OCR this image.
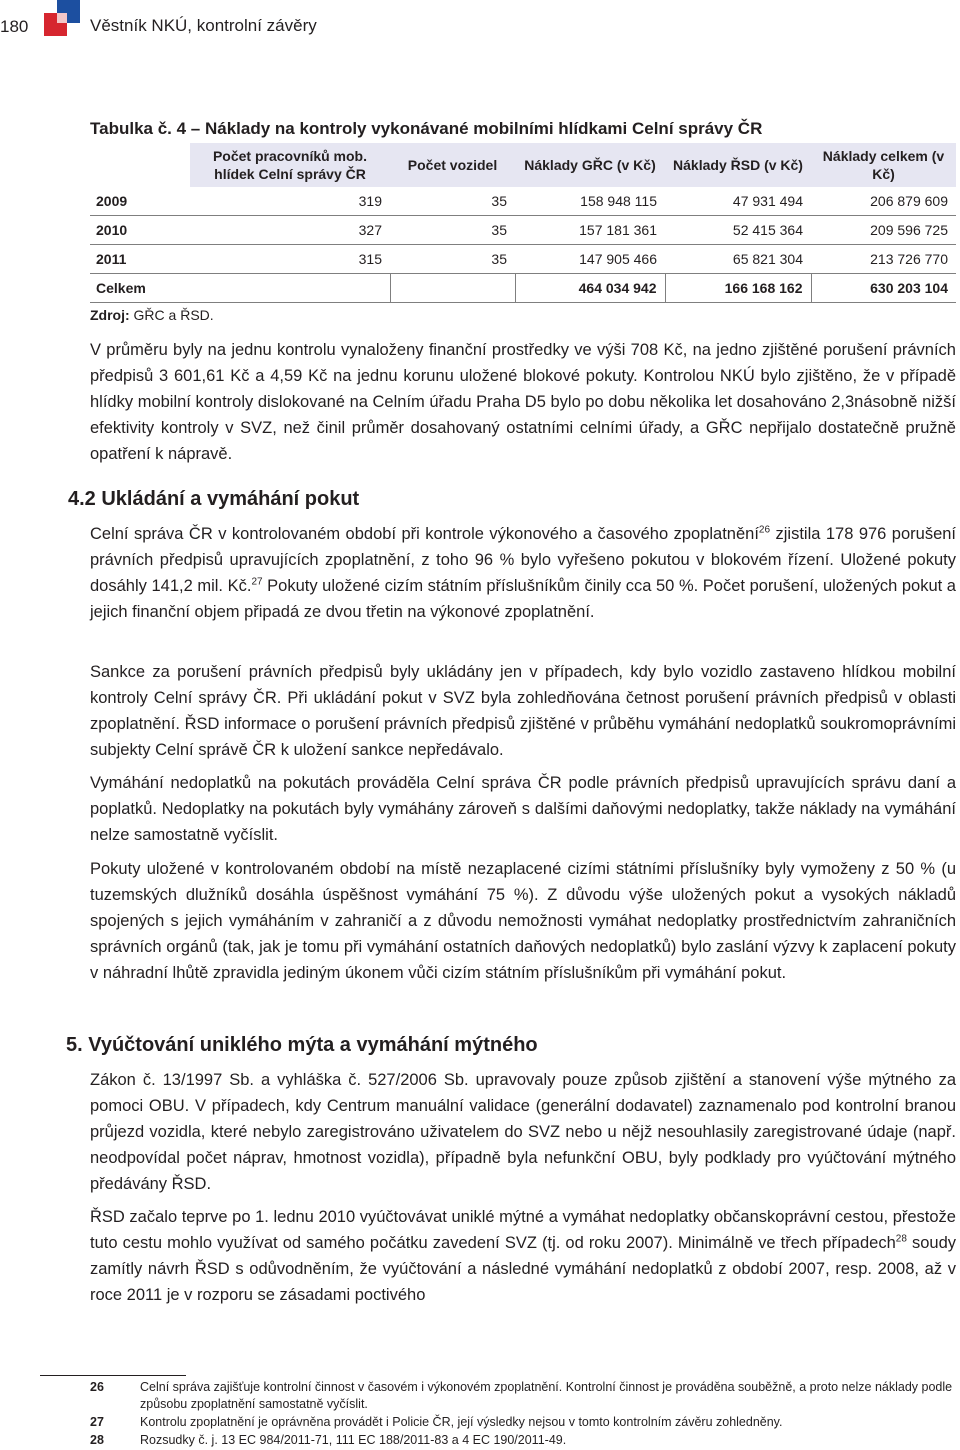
180	Věstník NKÚ, kontrolní závěry
Tabulka č. 4 – Náklady na kontroly vykonávané mobilními hlídkami Celní správy ČR
	Počet pracovníků mob. hlídek Celní správy ČR	Počet vozidel	Náklady GŘC (v Kč)	Náklady ŘSD (v Kč)	Náklady celkem (v Kč)
2009	319	35	158 948 115	47 931 494	206 879 609
2010	327	35	157 181 361	52 415 364	209 596 725
2011	315	35	147 905 466	65 821 304	213 726 770
Celkem			464 034 942	166 168 162	630 203 104
Zdroj: GŘC a ŘSD.

V průměru byly na jednu kontrolu vynaloženy finanční prostředky ve výši 708 Kč, na jedno zjištěné porušení právních předpisů 3 601,61 Kč a 4,59 Kč na jednu korunu uložené blokové pokuty. Kontrolou NKÚ bylo zjištěno, že v případě hlídky mobilní kontroly dislokované na Celním úřadu Praha D5 bylo po dobu několika let dosahováno 2,3násobně nižší efektivity kontroly v SVZ, než činil průměr dosahovaný ostatními celními úřady, a GŘC nepřijalo dostatečně pružně opatření k nápravě.

4.2 Ukládání a vymáhání pokut

Celní správa ČR v kontrolovaném období při kontrole výkonového a časového zpoplatnění$^{26}$ zjistila 178 976 porušení právních předpisů upravujících zpoplatnění, z toho 96 % bylo vyřešeno pokutou v blokovém řízení. Uložené pokuty dosáhly 141,2 mil. Kč.$^{27}$ Pokuty uložené cizím státním příslušníkům činily cca 50 %. Počet porušení, uložených pokut a jejich finanční objem připadá ze dvou třetin na výkonové zpoplatnění.

Sankce za porušení právních předpisů byly ukládány jen v případech, kdy bylo vozidlo zastaveno hlídkou mobilní kontroly Celní správy ČR. Při ukládání pokut v SVZ byla zohledňována četnost porušení právních předpisů v oblasti zpoplatnění. ŘSD informace o porušení právních předpisů zjištěné v průběhu vymáhání nedoplatků soukromoprávními subjekty Celní správě ČR k uložení sankce nepředávalo.

Vymáhání nedoplatků na pokutách prováděla Celní správa ČR podle právních předpisů upravujících správu daní a poplatků. Nedoplatky na pokutách byly vymáhány zároveň s dalšími daňovými nedoplatky, takže náklady na vymáhání nelze samostatně vyčíslit.

Pokuty uložené v kontrolovaném období na místě nezaplacené cizími státními příslušníky byly vymoženy z 50 % (u tuzemských dlužníků dosáhla úspěšnost vymáhání 75 %). Z důvodu výše uložených pokut a vysokých nákladů spojených s jejich vymáháním v zahraničí a z důvodu nemožnosti vymáhat nedoplatky prostřednictvím zahraničních správních orgánů (tak, jak je tomu při vymáhání ostatních daňových nedoplatků) bylo zaslání výzvy k zaplacení pokuty v náhradní lhůtě zpravidla jediným úkonem vůči cizím státním příslušníkům při vymáhání pokut.

5. Vyúčtování unikléh​o mýta a vymáhání mýtného

Zákon č. 13/1997 Sb. a vyhláška č. 527/2006 Sb. upravovaly pouze způsob zjištění a stanovení výše mýtného za pomoci OBU. V případech, kdy Centrum manuální validace (generální dodavatel) zaznamenalo pod kontrolní branou průjezd vozidla, které nebylo zaregistrováno uživatelem do SVZ nebo u nějž nesouhlasily zaregistrované údaje (např. neodpovídal počet náprav, hmotnost vozidla), případně byla nefunkční OBU, byly podklady pro vyúčtování mýtného předávány ŘSD.

ŘSD začalo teprve po 1. lednu 2010 vyúčtovávat uniklé mýtné a vymáhat nedoplatky občanskoprávní cestou, přestože tuto cestu mohlo využívat od samého počátku zavedení SVZ (tj. od roku 2007). Minimálně ve třech případech$^{28}$ soudy zamítly návrh ŘSD s odůvodněním, že vyúčtování a následné vymáhání nedoplatků z období 2007, resp. 2008, až v roce 2011 je v rozporu se zásadami poctivého

26	Celní správa zajišťuje kontrolní činnost v časovém i výkonovém zpoplatnění. Kontrolní činnost je prováděna souběžně, a proto nelze náklady podle způsobu zpoplatnění samostatně vyčíslit.
27	Kontrolu zpoplatnění je oprávněna provádět i Policie ČR, její výsledky nejsou v tomto kontrolním závěru zohledněny.
28	Rozsudky č. j. 13 EC 984/2011-71, 111 EC 188/2011-83 a 4 EC 190/2011-49.
